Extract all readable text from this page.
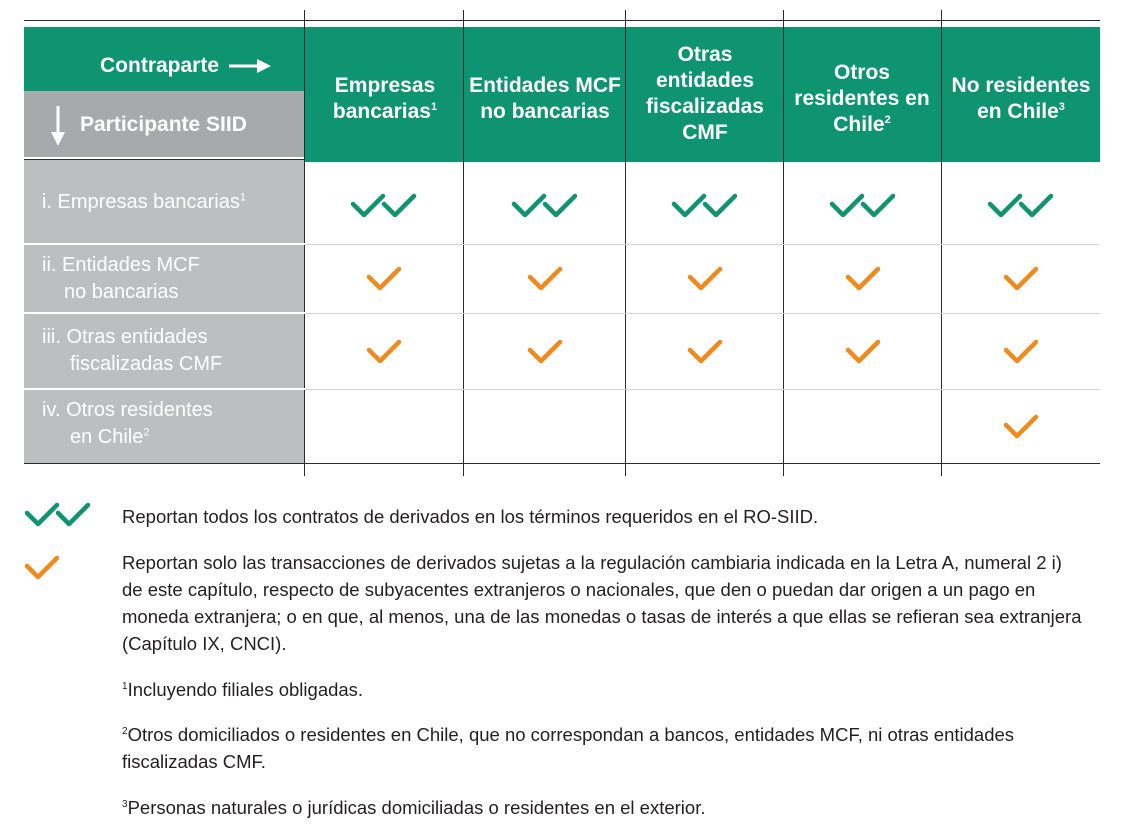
Contraparte
Participante SIID
Empresas bancarias$^1$
Entidades MCF no bancarias
Otras entidades fiscalizadas CMF
Otros residentes en Chile$^2$
No residentes en Chile$^3$
i. Empresas bancarias$^1$
ii. Entidades MCF
no bancarias
iii. Otras entidades
fiscalizadas CMF
iv. Otros residentes
en Chile$^2$
Reportan todos los contratos de derivados en los términos requeridos en el RO-SIID.
Reportan solo las transacciones de derivados sujetas a la regulación cambiaria indicada en la Letra A, numeral 2 i) de este capítulo, respecto de subyacentes extranjeros o nacionales, que den o puedan dar origen a un pago en moneda extranjera; o en que, al menos, una de las monedas o tasas de interés a que ellas se refieran sea extranjera (Capítulo IX, CNCI).
$^1$Incluyendo filiales obligadas.
$^2$Otros domiciliados o residentes en Chile, que no correspondan a bancos, entidades MCF, ni otras entidades fiscalizadas CMF.
$^3$Personas naturales o jurídicas domiciliadas o residentes en el exterior.
